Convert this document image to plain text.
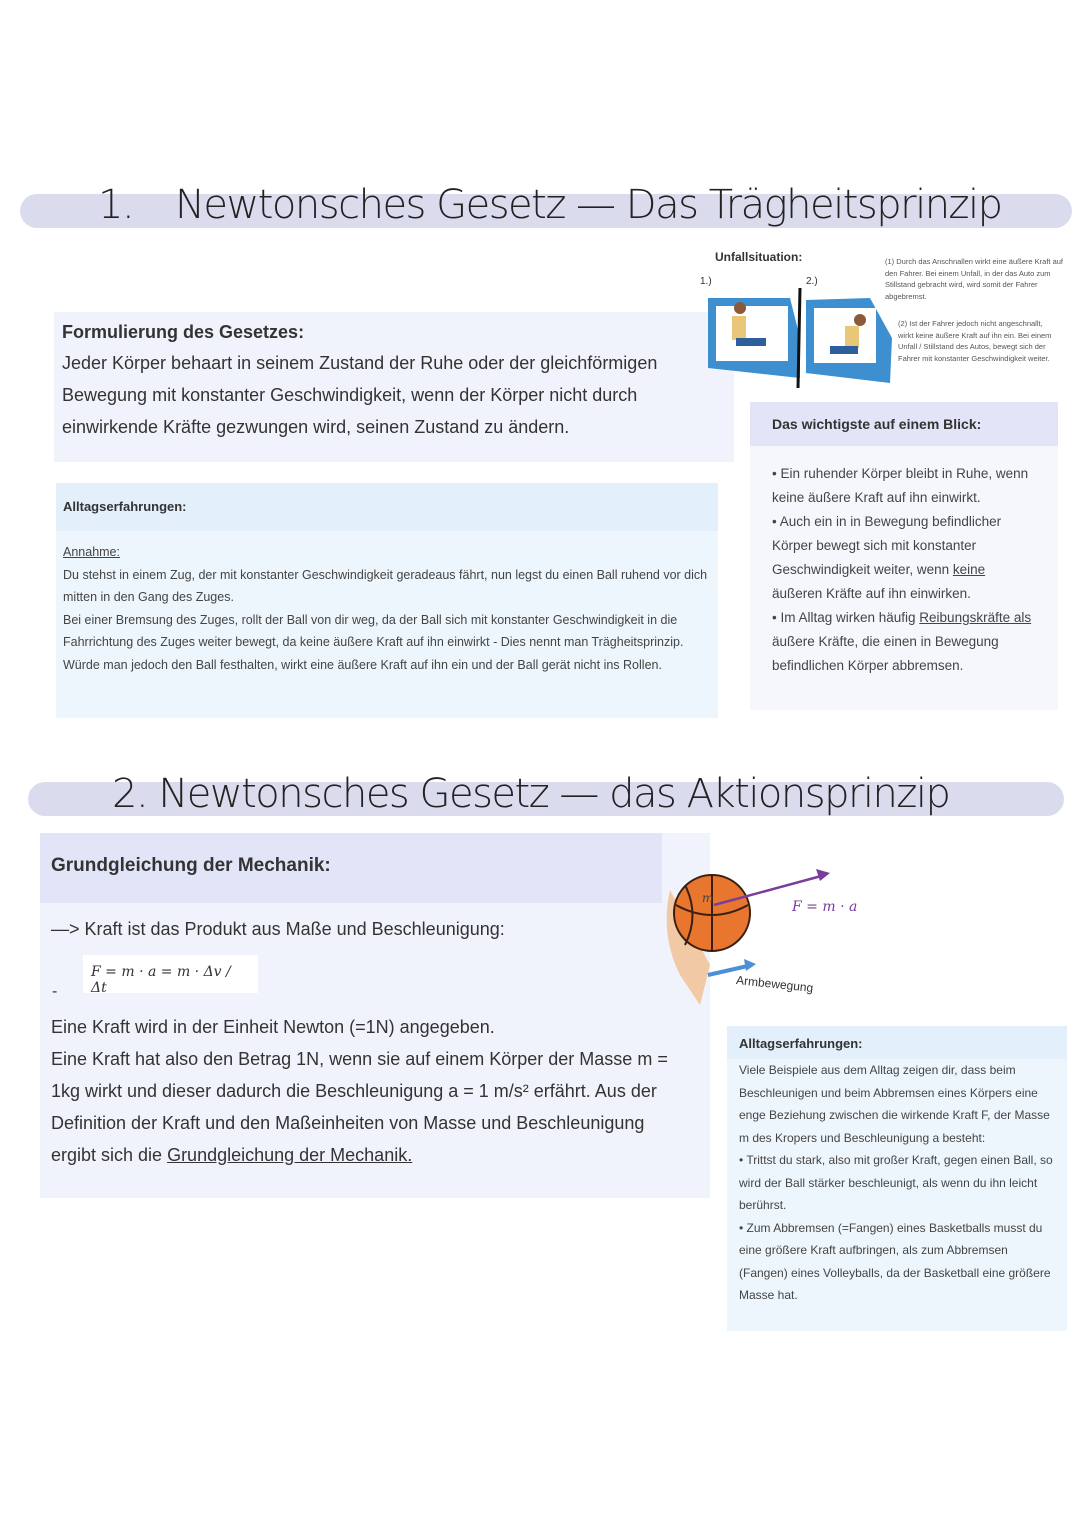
1. Newtonsches Gesetz — Das Trägheitsprinzip
Formulierung des Gesetzes:

Jeder Körper behaart in seinem Zustand der Ruhe oder der gleichförmigen Bewegung mit konstanter Geschwindigkeit, wenn der Körper nicht durch einwirkende Kräfte gezwungen wird, seinen Zustand zu ändern.

Unfallsituation:
1.)	2.)
(1) Durch das Anschnallen wirkt eine äußere Kraft auf den Fahrer. Bei einem Unfall, in der das Auto zum Stillstand gebracht wird, wird somit der Fahrer abgebremst.
(2) Ist der Fahrer jedoch nicht angeschnallt, wirkt keine äußere Kraft auf ihn ein. Bei einem Unfall / Stillstand des Autos, bewegt sich der Fahrer mit konstanter Geschwindigkeit weiter.
Alltagserfahrungen:
Annahme:
Du stehst in einem Zug, der mit konstanter Geschwindigkeit geradeaus fährt, nun legst du einen Ball ruhend vor dich mitten in den Gang des Zuges.
Bei einer Bremsung des Zuges, rollt der Ball von dir weg, da der Ball sich mit konstanter Geschwindigkeit in die Fahrrichtung des Zuges weiter bewegt, da keine äußere Kraft auf ihn einwirkt - Dies nennt man Trägheitsprinzip.
Würde man jedoch den Ball festhalten, wirkt eine äußere Kraft auf ihn ein und der Ball gerät nicht ins Rollen.
Das wichtigste auf einem Blick:
• Ein ruhender Körper bleibt in Ruhe, wenn keine äußere Kraft auf ihn einwirkt.
• Auch ein in in Bewegung befindlicher Körper bewegt sich mit konstanter Geschwindigkeit weiter, wenn keine äußeren Kräfte auf ihn einwirken.
• Im Alltag wirken häufig Reibungskräfte als äußere Kräfte, die einen in Bewegung befindlichen Körper abbremsen.
2. Newtonsches Gesetz — das Aktionsprinzip
Grundgleichung der Mechanik:
—> Kraft ist das Produkt aus Maße und Beschleunigung:
F = m · a = m · Δv / Δt
-
Eine Kraft wird in der Einheit Newton (=1N) angegeben.
Eine Kraft hat also den Betrag 1N, wenn sie auf einem Körper der Masse m = 1kg wirkt und dieser dadurch die Beschleunigung a = 1 m/s² erfährt. Aus der Definition der Kraft und den Maßeinheiten von Masse und Beschleunigung ergibt sich die Grundgleichung der Mechanik.
m
F = m · a
Armbewegung
Alltagserfahrungen:
Viele Beispiele aus dem Alltag zeigen dir, dass beim Beschleunigen und beim Abbremsen eines Körpers eine enge Beziehung zwischen die wirkende Kraft F, der Masse m des Kropers und Beschleunigung a besteht:
• Trittst du stark, also mit großer Kraft, gegen einen Ball, so wird der Ball stärker beschleunigt, als wenn du ihn leicht berührst.
• Zum Abbremsen (=Fangen) eines Basketballs musst du eine größere Kraft aufbringen, als zum Abbremsen (Fangen) eines Volleyballs, da der Basketball eine größere Masse hat.
